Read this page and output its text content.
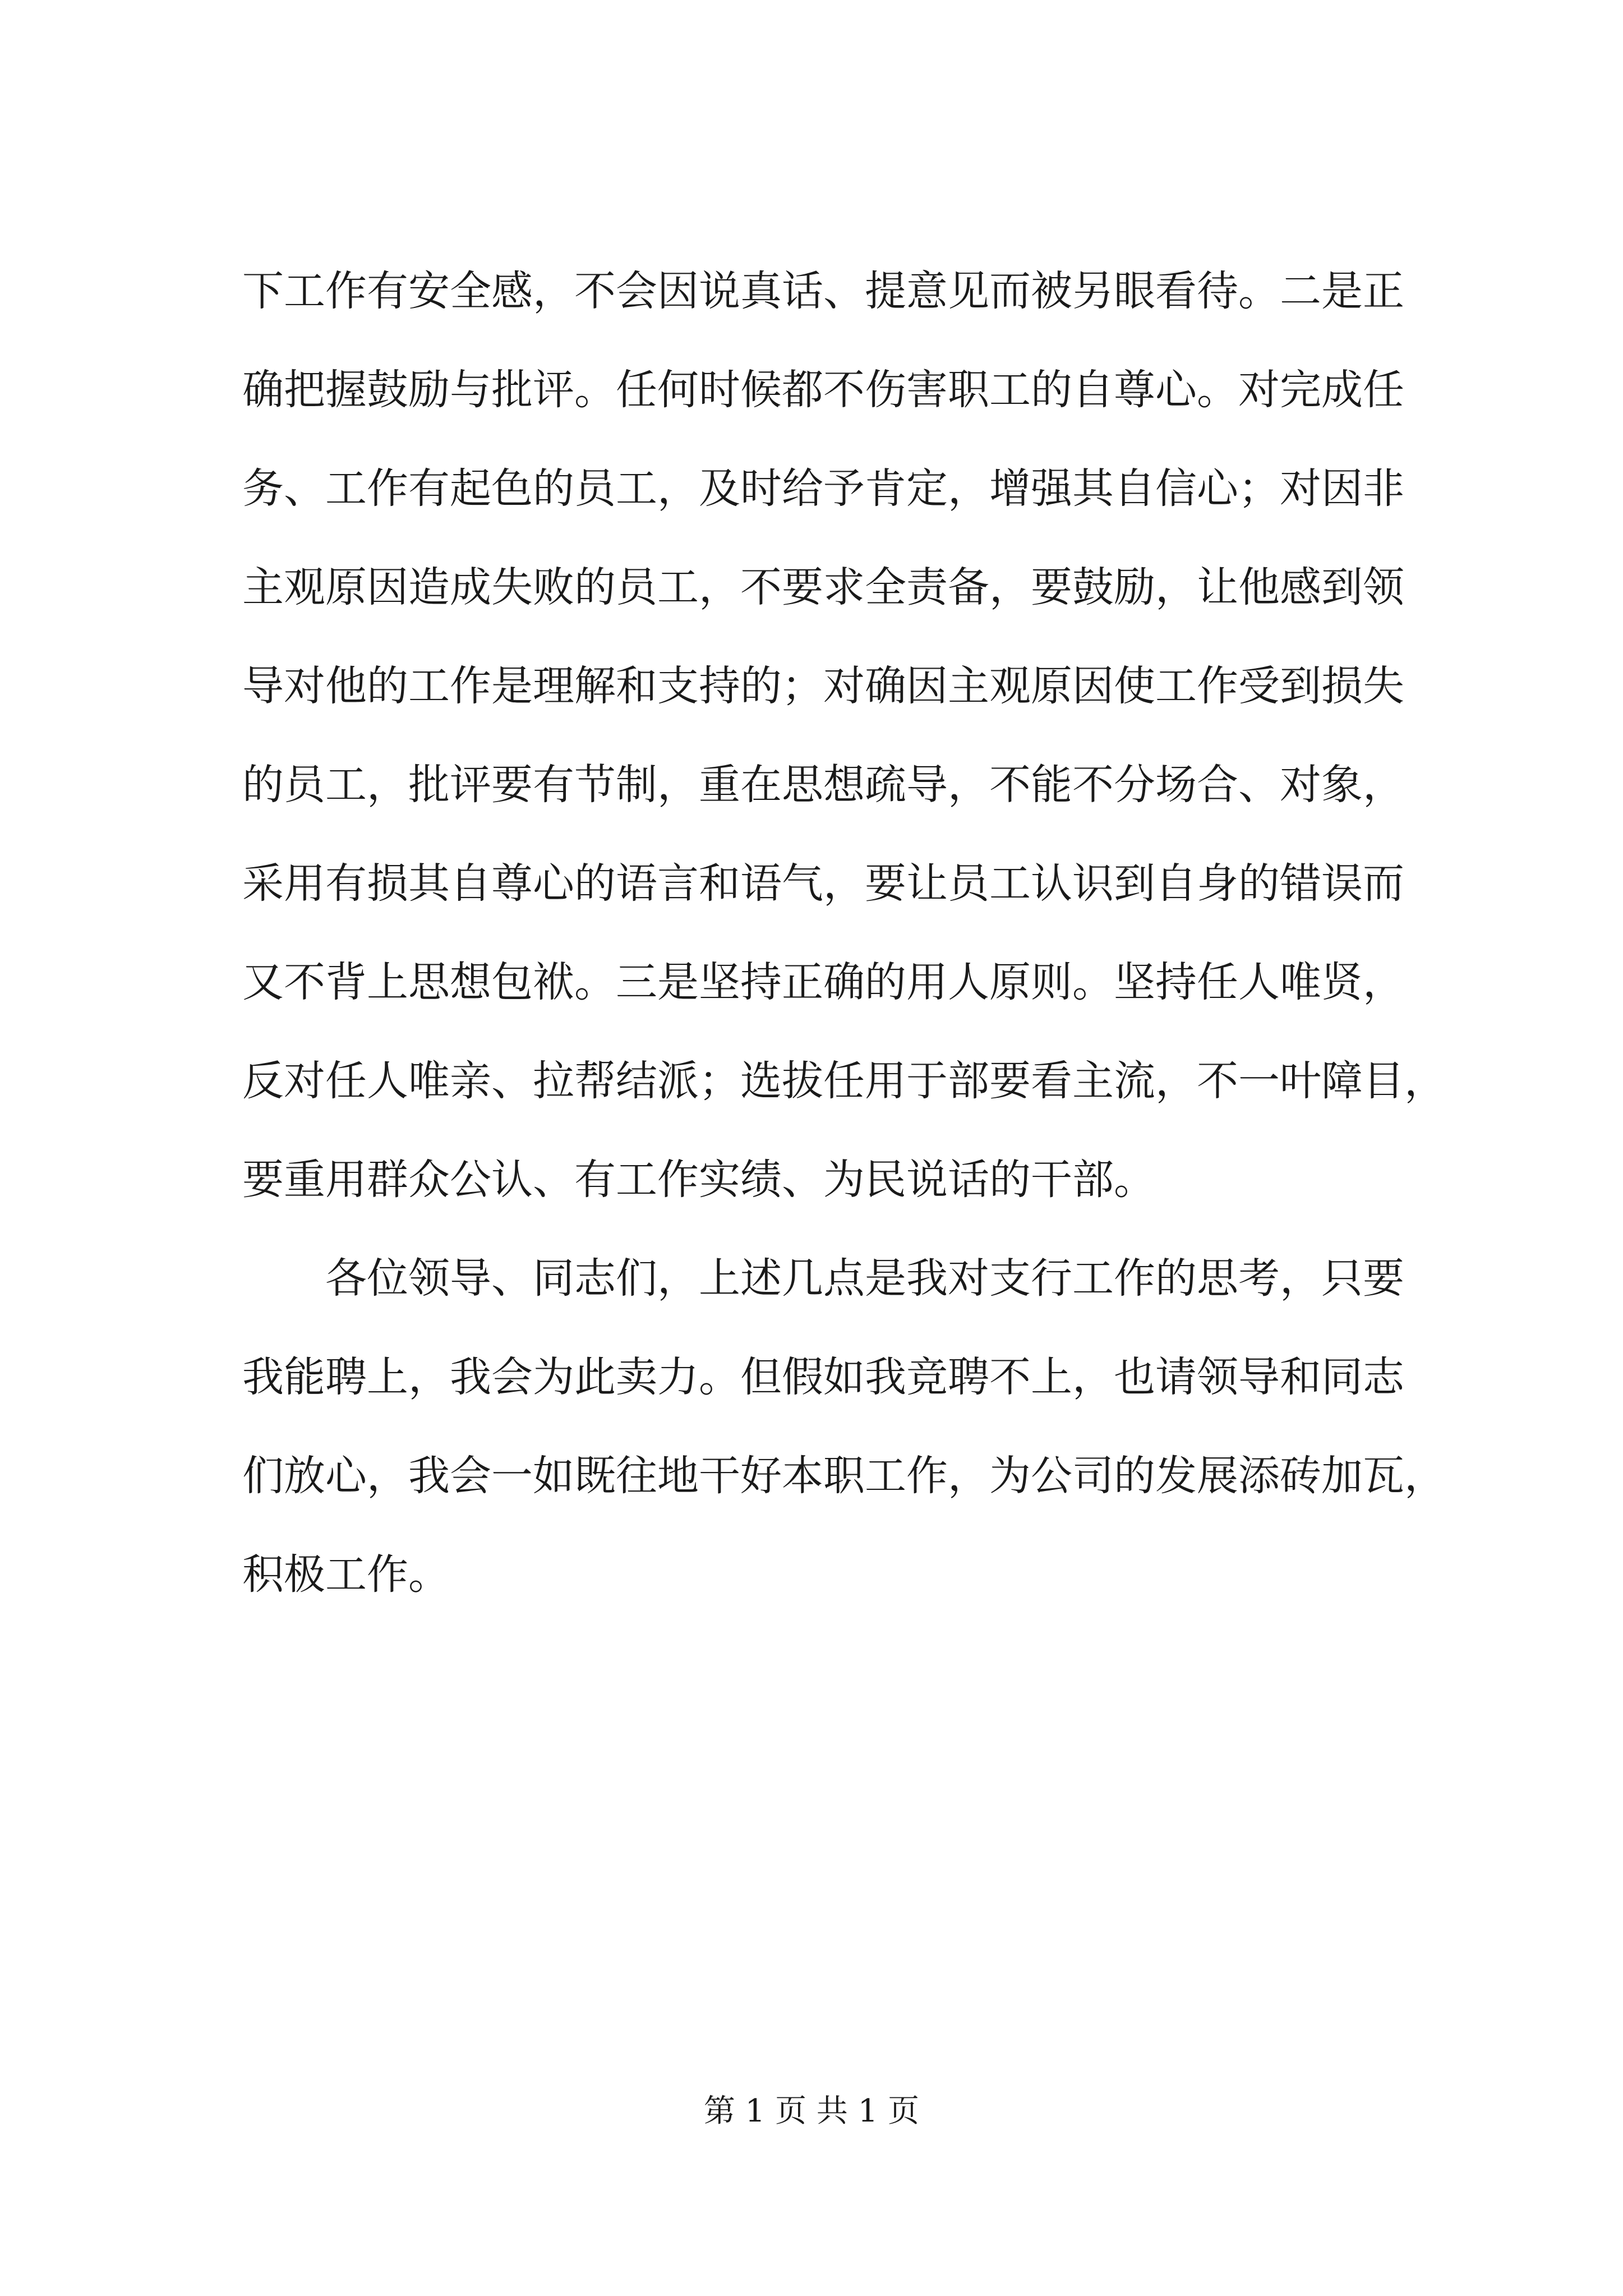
下工作有安全感，不会因说真话、提意见而被另眼看待。二是正
确把握鼓励与批评。任何时候都不伤害职工的自尊心。对完成任
务、工作有起色的员工，及时给予肯定，增强其自信心；对因非
主观原因造成失败的员工，不要求全责备，要鼓励，让他感到领
导对他的工作是理解和支持的；对确因主观原因使工作受到损失
的员工，批评要有节制，重在思想疏导，不能不分场合、对象，
采用有损其自尊心的语言和语气，要让员工认识到自身的错误而
又不背上思想包袱。三是坚持正确的用人原则。坚持任人唯贤，
反对任人唯亲、拉帮结派；选拔任用于部要看主流，不一叶障目，
要重用群众公认、有工作实绩、为民说话的干部。
各位领导、同志们，上述几点是我对支行工作的思考，只要
我能聘上，我会为此卖力。但假如我竞聘不上，也请领导和同志
们放心，我会一如既往地干好本职工作，为公司的发展添砖加瓦，
积极工作。
第 1 页 共 1 页
